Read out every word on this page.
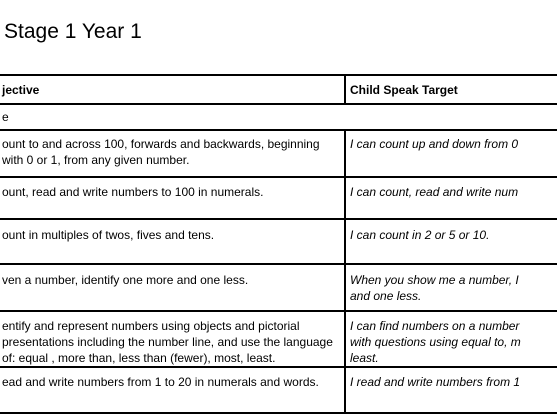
Stage 1 Year 1
jective	Child Speak Target
e	

ount to and across 100, forwards and backwards, beginning with 0 or 1, from any given number.	I can count up and down from 0

ount, read and write numbers to 100 in numerals.	I can count, read and write num

ount in multiples of twos, fives and tens.	I can count in 2 or 5 or 10.

ven a number, identify one more and one less.	When you show me a number, I and one less.

entify and represent numbers using objects and pictorial presentations including the number line, and use the language of: equal , more than, less than (fewer), most, least.	I can find numbers on a number with questions using equal to, m least.

ead and write numbers from 1 to 20 in numerals and words.	I read and write numbers from 1
